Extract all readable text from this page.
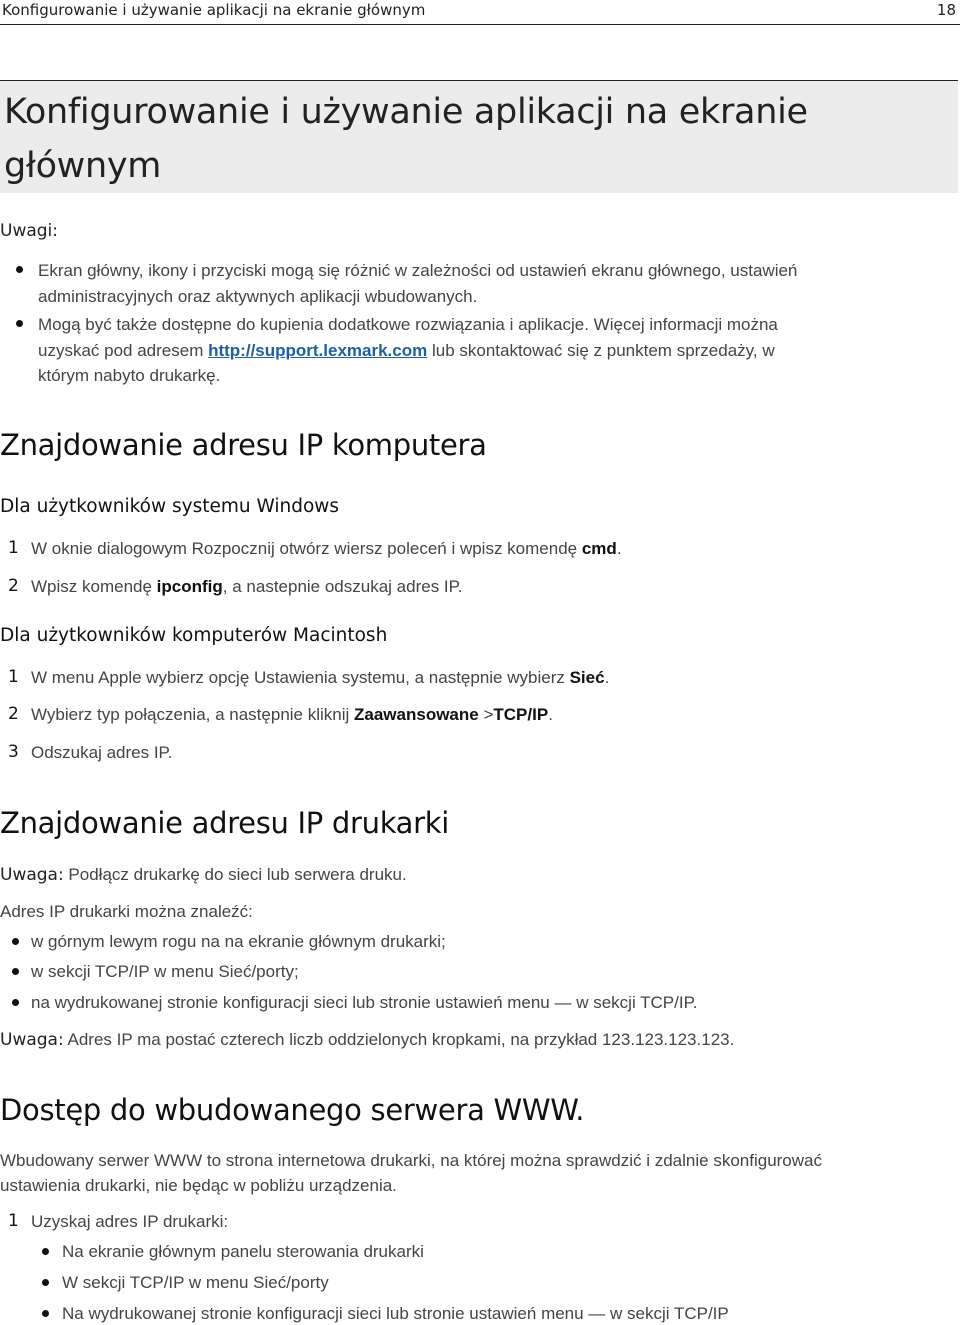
Konfigurowanie i używanie aplikacji na ekranie głównym	18
Konfigurowanie i używanie aplikacji na ekranie głównym
Uwagi:
Ekran główny, ikony i przyciski mogą się różnić w zależności od ustawień ekranu głównego, ustawień
administracyjnych oraz aktywnych aplikacji wbudowanych.
Mogą być także dostępne do kupienia dodatkowe rozwiązania i aplikacje. Więcej informacji można
uzyskać pod adresem http://support.lexmark.com lub skontaktować się z punktem sprzedaży, w
którym nabyto drukarkę.
Znajdowanie adresu IP komputera
Dla użytkowników systemu Windows
1 W oknie dialogowym Rozpocznij otwórz wiersz poleceń i wpisz komendę cmd.
2 Wpisz komendę ipconfig, a nastepnie odszukaj adres IP.
Dla użytkowników komputerów Macintosh
1 W menu Apple wybierz opcję Ustawienia systemu, a następnie wybierz Sieć.
2 Wybierz typ połączenia, a następnie kliknij Zaawansowane >TCP/IP.
3 Odszukaj adres IP.
Znajdowanie adresu IP drukarki
Uwaga: Podłącz drukarkę do sieci lub serwera druku.
Adres IP drukarki można znaleźć:
w górnym lewym rogu na na ekranie głównym drukarki;
w sekcji TCP/IP w menu Sieć/porty;
na wydrukowanej stronie konfiguracji sieci lub stronie ustawień menu — w sekcji TCP/IP.
Uwaga: Adres IP ma postać czterech liczb oddzielonych kropkami, na przykład 123.123.123.123.
Dostęp do wbudowanego serwera WWW.
Wbudowany serwer WWW to strona internetowa drukarki, na której można sprawdzić i zdalnie skonfigurować
ustawienia drukarki, nie będąc w pobliżu urządzenia.
1 Uzyskaj adres IP drukarki:
Na ekranie głównym panelu sterowania drukarki
W sekcji TCP/IP w menu Sieć/porty
Na wydrukowanej stronie konfiguracji sieci lub stronie ustawień menu — w sekcji TCP/IP
